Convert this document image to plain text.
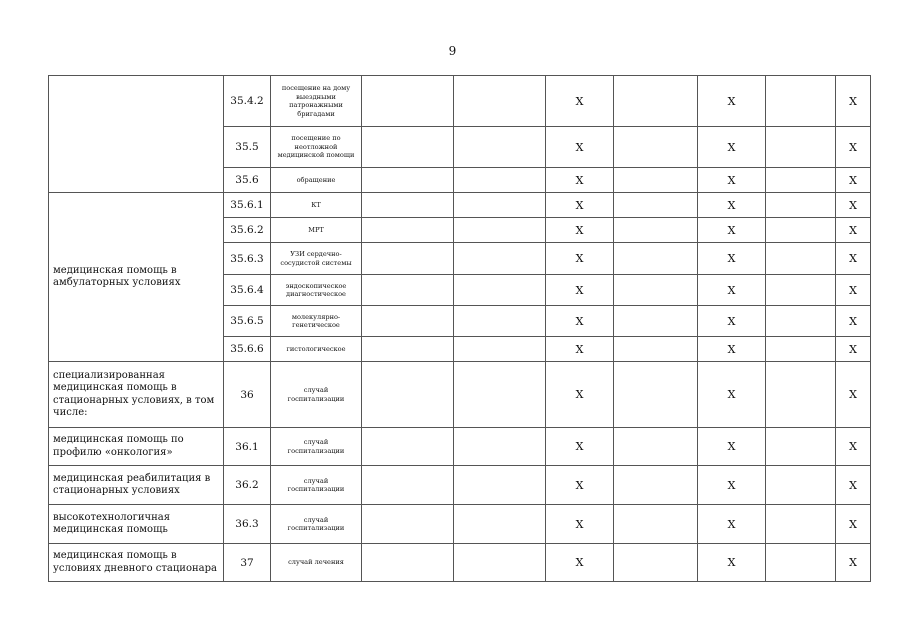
9
	35.4.2	посещение на дому выездными патронажными бригадами			X		X		X
	35.5	посещение по неотложной медицинской помощи			X		X		X
	35.6	обращение			X		X		X
медицинская помощь в амбулаторных условиях	35.6.1	КТ			X		X		X
	35.6.2	МРТ			X		X		X
	35.6.3	УЗИ сердечно-сосудистой системы			X		X		X
	35.6.4	эндоскопическое диагностическое			X		X		X
	35.6.5	молекулярно-генетическое			X		X		X
	35.6.6	гистологическое			X		X		X
специализированная медицинская помощь в стационарных условиях, в том числе:	36	случай госпитализации			X		X		X
медицинская помощь по профилю «онкология»	36.1	случай госпитализации			X		X		X
медицинская реабилитация в стационарных условиях	36.2	случай госпитализации			X		X		X
высокотехнологичная медицинская помощь	36.3	случай госпитализации			X		X		X
медицинская помощь в условиях дневного стационара	37	случай лечения			X		X		X
